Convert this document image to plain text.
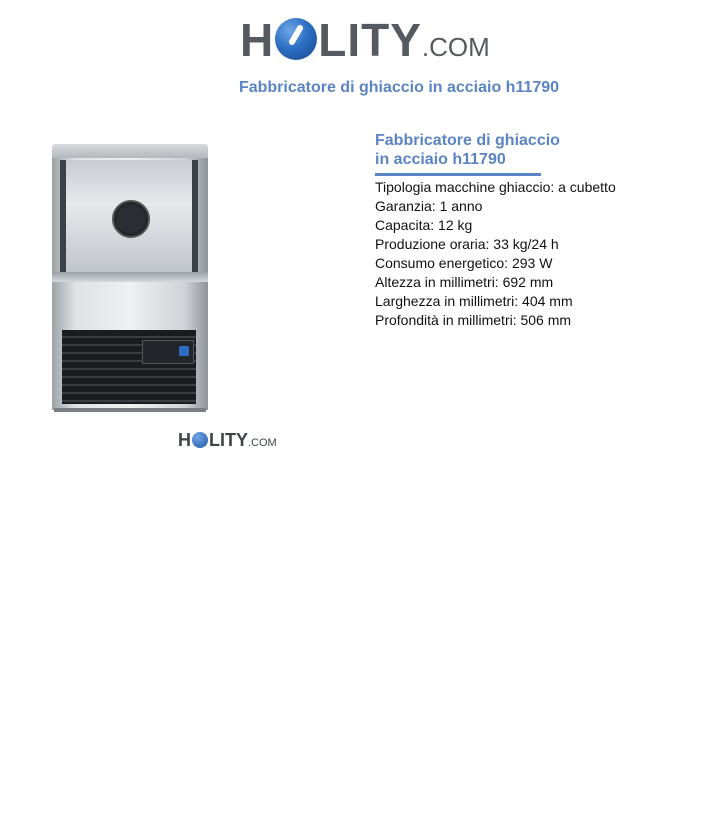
H LITY.COM
Fabbricatore di ghiaccio in acciaio h11790
H LITY.COM
Fabbricatore di ghiaccio
in acciaio h11790
Tipologia macchine ghiaccio: a cubetto
Garanzia: 1 anno
Capacita: 12 kg
Produzione oraria: 33 kg/24 h
Consumo energetico: 293 W
Altezza in millimetri: 692 mm
Larghezza in millimetri: 404 mm
Profondità in millimetri: 506 mm
